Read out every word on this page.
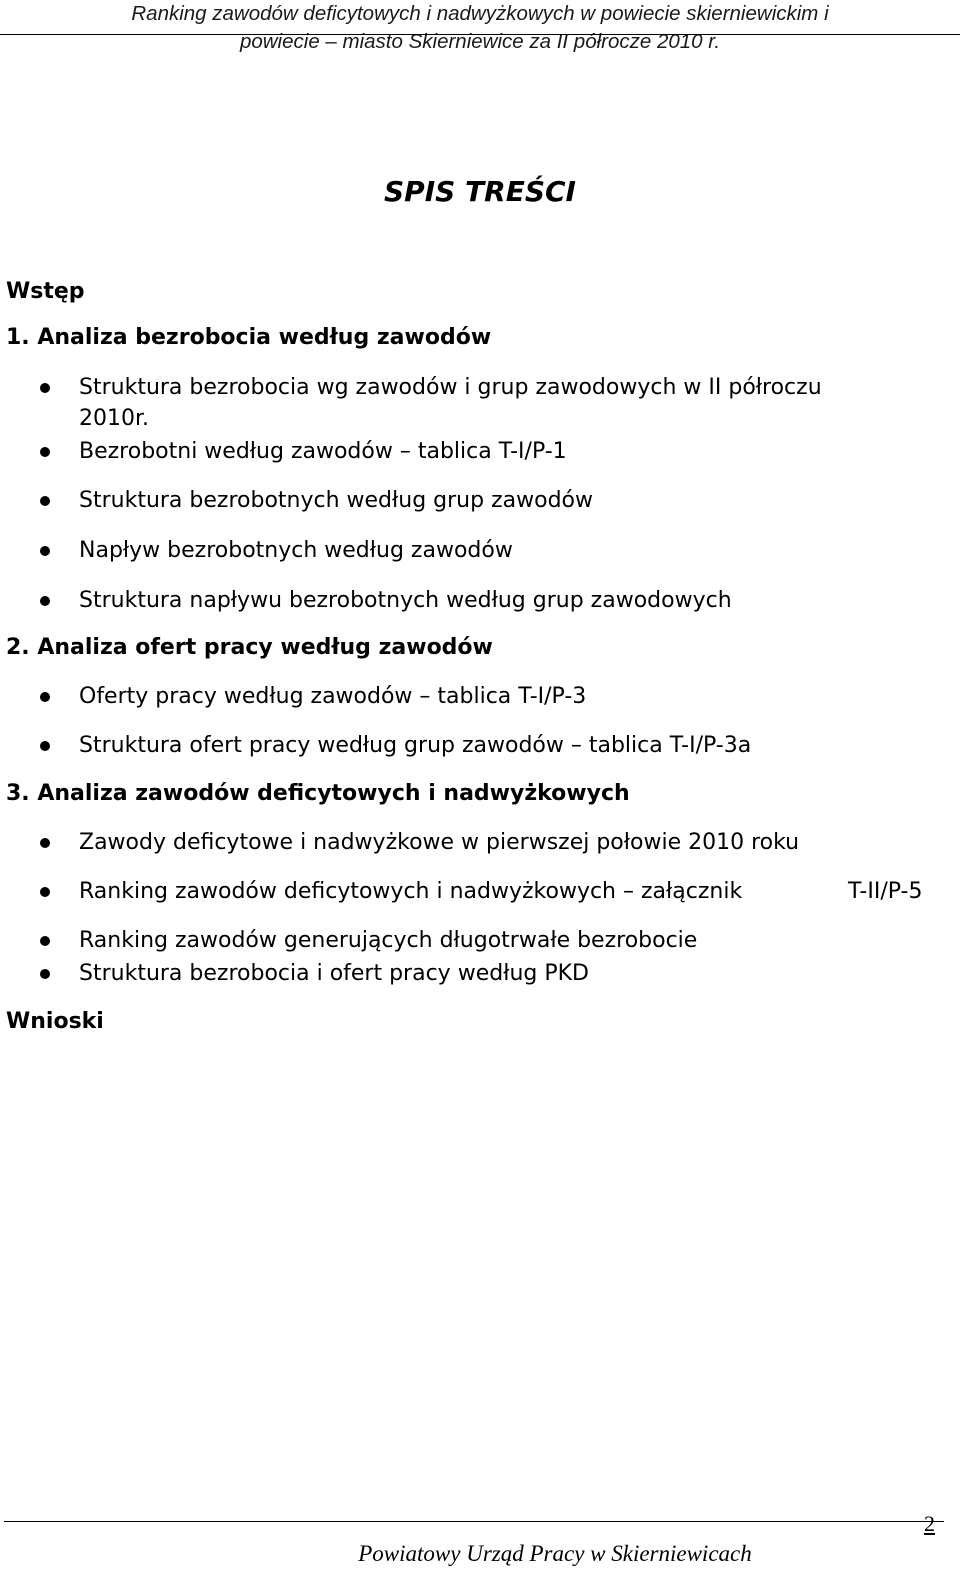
Ranking zawodów deficytowych i nadwyżkowych w powiecie skierniewickim i
powiecie – miasto Skierniewice za II półrocze 2010 r.
SPIS TREŚCI
Wstęp
1. Analiza bezrobocia według zawodów
Struktura bezrobocia wg zawodów i grup zawodowych w II półroczu
2010r.
Bezrobotni według zawodów – tablica T-I/P-1
Struktura bezrobotnych według grup zawodów
Napływ bezrobotnych według zawodów
Struktura napływu bezrobotnych według grup zawodowych
2. Analiza ofert pracy według zawodów
Oferty pracy według zawodów – tablica T-I/P-3
Struktura ofert pracy według grup zawodów – tablica T-I/P-3a
3. Analiza zawodów deficytowych i nadwyżkowych
Zawody deficytowe i nadwyżkowe w pierwszej połowie 2010 roku
Ranking zawodów deficytowych i nadwyżkowych – załącznik	T-II/P-5
Ranking zawodów generujących długotrwałe bezrobocie
Struktura bezrobocia i ofert pracy według PKD
Wnioski
2
Powiatowy Urząd Pracy w Skierniewicach
